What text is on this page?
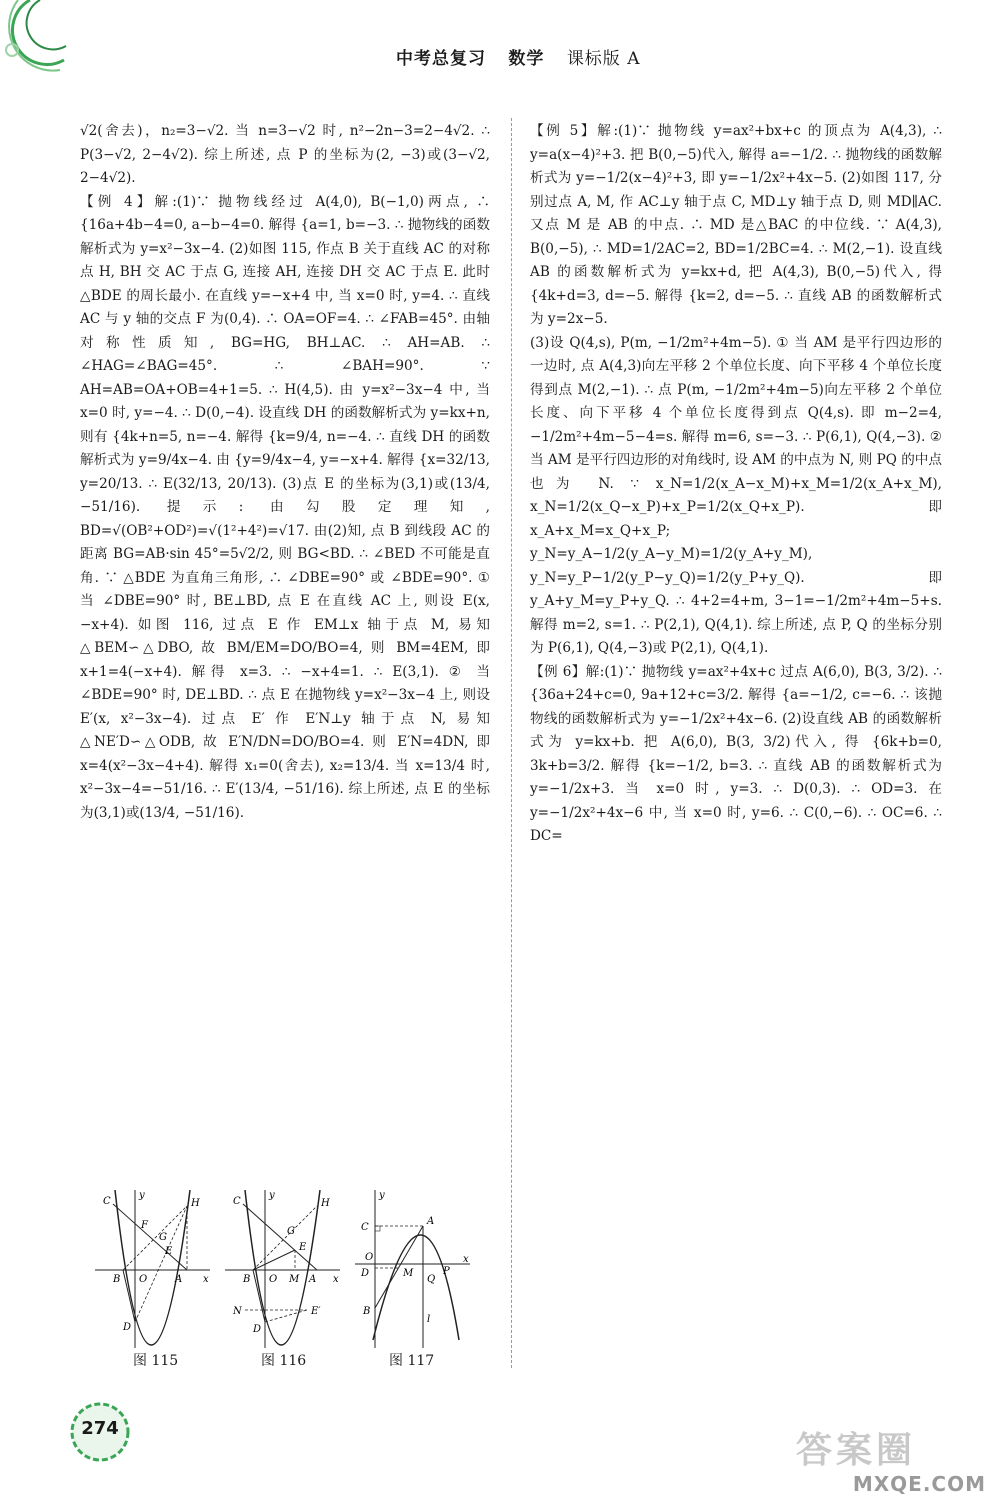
中考总复习 数学 课标版 A

√2(舍去)，n₂=3−√2. 当 n=3−√2 时, n²−2n−3=2−4√2. ∴ P(3−√2, 2−4√2). 综上所述, 点 P 的坐标为(2, −3)或(3−√2, 2−4√2).

【例 4】解:(1)∵ 抛物线经过 A(4,0), B(−1,0)两点, ∴ {16a+4b−4=0, a−b−4=0. 解得 {a=1, b=−3. ∴ 抛物线的函数解析式为 y=x²−3x−4. (2)如图 115, 作点 B 关于直线 AC 的对称点 H, BH 交 AC 于点 G, 连接 AH, 连接 DH 交 AC 于点 E. 此时△BDE 的周长最小. 在直线 y=−x+4 中, 当 x=0 时, y=4. ∴ 直线 AC 与 y 轴的交点 F 为(0,4). ∴ OA=OF=4. ∴ ∠FAB=45°. 由轴对称性质知, BG=HG, BH⊥AC. ∴ AH=AB. ∴ ∠HAG=∠BAG=45°. ∴ ∠BAH=90°. ∵ AH=AB=OA+OB=4+1=5. ∴ H(4,5). 由 y=x²−3x−4 中, 当 x=0 时, y=−4. ∴ D(0,−4). 设直线 DH 的函数解析式为 y=kx+n, 则有 {4k+n=5, n=−4. 解得 {k=9/4, n=−4. ∴ 直线 DH 的函数解析式为 y=9/4x−4. 由 {y=9/4x−4, y=−x+4. 解得 {x=32/13, y=20/13. ∴ E(32/13, 20/13). (3)点 E 的坐标为(3,1)或(13/4, −51/16). 提示: 由勾股定理知, BD=√(OB²+OD²)=√(1²+4²)=√17. 由(2)知, 点 B 到线段 AC 的距离 BG=AB·sin 45°=5√2/2, 则 BG<BD. ∴ ∠BED 不可能是直角. ∵ △BDE 为直角三角形, ∴ ∠DBE=90° 或 ∠BDE=90°. ① 当 ∠DBE=90° 时, BE⊥BD, 点 E 在直线 AC 上, 则设 E(x, −x+4). 如图 116, 过点 E 作 EM⊥x 轴于点 M, 易知△BEM∽△DBO, 故 BM/EM=DO/BO=4, 则 BM=4EM, 即 x+1=4(−x+4). 解得 x=3. ∴ −x+4=1. ∴ E(3,1). ② 当 ∠BDE=90° 时, DE⊥BD. ∴ 点 E 在抛物线 y=x²−3x−4 上, 则设 E′(x, x²−3x−4). 过点 E′ 作 E′N⊥y 轴于点 N, 易知△NE′D∽△ODB, 故 E′N/DN=DO/BO=4. 则 E′N=4DN, 即 x=4(x²−3x−4+4). 解得 x₁=0(舍去), x₂=13/4. 当 x=13/4 时, x²−3x−4=−51/16. ∴ E′(13/4, −51/16). 综上所述, 点 E 的坐标为(3,1)或(13/4, −51/16).

【例 5】解:(1)∵ 抛物线 y=ax²+bx+c 的顶点为 A(4,3), ∴ y=a(x−4)²+3. 把 B(0,−5)代入, 解得 a=−1/2. ∴ 抛物线的函数解析式为 y=−1/2(x−4)²+3, 即 y=−1/2x²+4x−5. (2)如图 117, 分别过点 A, M, 作 AC⊥y 轴于点 C, MD⊥y 轴于点 D, 则 MD∥AC. 又点 M 是 AB 的中点. ∴ MD 是△BAC 的中位线. ∵ A(4,3), B(0,−5), ∴ MD=1/2AC=2, BD=1/2BC=4. ∴ M(2,−1). 设直线 AB 的函数解析式为 y=kx+d, 把 A(4,3), B(0,−5)代入, 得 {4k+d=3, d=−5. 解得 {k=2, d=−5. ∴ 直线 AB 的函数解析式为 y=2x−5.

(3)设 Q(4,s), P(m, −1/2m²+4m−5). ① 当 AM 是平行四边形的一边时, 点 A(4,3)向左平移 2 个单位长度、向下平移 4 个单位长度得到点 M(2,−1). ∴ 点 P(m, −1/2m²+4m−5)向左平移 2 个单位长度、向下平移 4 个单位长度得到点 Q(4,s). 即 m−2=4, −1/2m²+4m−5−4=s. 解得 m=6, s=−3. ∴ P(6,1), Q(4,−3). ② 当 AM 是平行四边形的对角线时, 设 AM 的中点为 N, 则 PQ 的中点也为 N. ∵ x_N=1/2(x_A−x_M)+x_M=1/2(x_A+x_M), x_N=1/2(x_Q−x_P)+x_P=1/2(x_Q+x_P). 即 x_A+x_M=x_Q+x_P; y_N=y_A−1/2(y_A−y_M)=1/2(y_A+y_M), y_N=y_P−1/2(y_P−y_Q)=1/2(y_P+y_Q). 即 y_A+y_M=y_P+y_Q. ∴ 4+2=4+m, 3−1=−1/2m²+4m−5+s. 解得 m=2, s=1. ∴ P(2,1), Q(4,1). 综上所述, 点 P, Q 的坐标分别为 P(6,1), Q(4,−3)或 P(2,1), Q(4,1).

【例 6】解:(1)∵ 抛物线 y=ax²+4x+c 过点 A(6,0), B(3, 3/2). ∴ {36a+24+c=0, 9a+12+c=3/2. 解得 {a=−1/2, c=−6. ∴ 该抛物线的函数解析式为 y=−1/2x²+4x−6. (2)设直线 AB 的函数解析式为 y=kx+b. 把 A(6,0), B(3, 3/2)代入, 得 {6k+b=0, 3k+b=3/2. 解得 {k=−1/2, b=3. ∴ 直线 AB 的函数解析式为 y=−1/2x+3. 当 x=0 时, y=3. ∴ D(0,3). ∴ OD=3. 在 y=−1/2x²+4x−6 中, 当 x=0 时, y=6. ∴ C(0,−6). ∴ OC=6. ∴ DC=

y
C
F
G
H
E
B O	A x
D
图 115
y
C	H
G
E
B O M A x
N
D
E′
图 116
y
C
A
O
D	M
Q
P
x
B
l
图 117
274
答案圈
MXQE.COM
